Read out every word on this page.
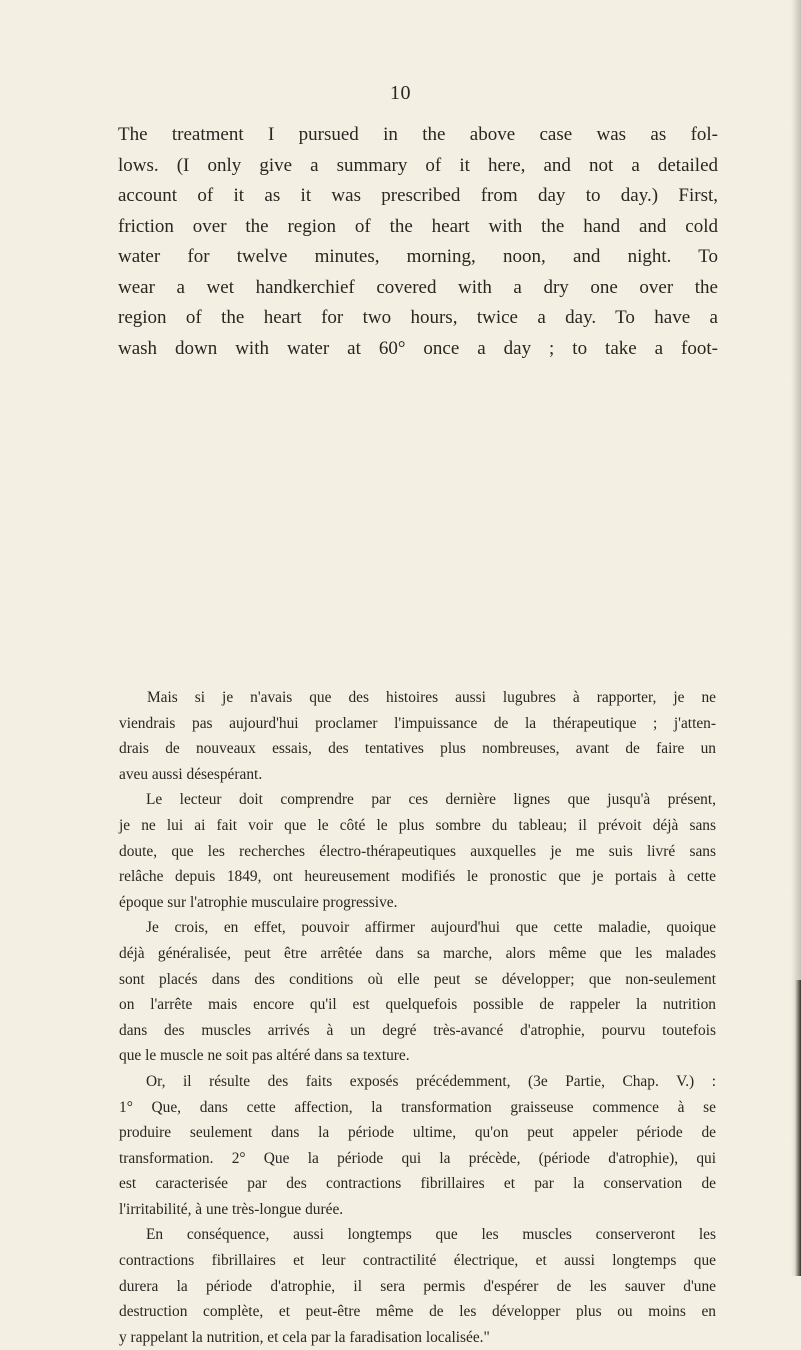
10
The treatment I pursued in the above case was as fol-
lows. (I only give a summary of it here, and not a detailed
account of it as it was prescribed from day to day.) First,
friction over the region of the heart with the hand and cold
water for twelve minutes, morning, noon, and night. To
wear a wet handkerchief covered with a dry one over the
region of the heart for two hours, twice a day. To have a
wash down with water at 60° once a day ; to take a foot-
Mais si je n'avais que des histoires aussi lugubres à rapporter, je ne
viendrais pas aujourd'hui proclamer l'impuissance de la thérapeutique ; j'atten-
drais de nouveaux essais, des tentatives plus nombreuses, avant de faire un
aveu aussi désespérant.
Le lecteur doit comprendre par ces dernière lignes que jusqu'à présent,
je ne lui ai fait voir que le côté le plus sombre du tableau; il prévoit déjà sans
doute, que les recherches électro-thérapeutiques auxquelles je me suis livré sans
relâche depuis 1849, ont heureusement modifiés le pronostic que je portais à cette
époque sur l'atrophie musculaire progressive.
Je crois, en effet, pouvoir affirmer aujourd'hui que cette maladie, quoique
déjà généralisée, peut être arrêtée dans sa marche, alors même que les malades
sont placés dans des conditions où elle peut se développer; que non-seulement
on l'arrête mais encore qu'il est quelquefois possible de rappeler la nutrition
dans des muscles arrivés à un degré très-avancé d'atrophie, pourvu toutefois
que le muscle ne soit pas altéré dans sa texture.
Or, il résulte des faits exposés précédemment, (3e Partie, Chap. V.) :
1° Que, dans cette affection, la transformation graisseuse commence à se
produire seulement dans la période ultime, qu'on peut appeler période de
transformation. 2° Que la période qui la précède, (période d'atrophie), qui
est caracterisée par des contractions fibrillaires et par la conservation de
l'irritabilité, à une très-longue durée.
En conséquence, aussi longtemps que les muscles conserveront les
contractions fibrillaires et leur contractilité électrique, et aussi longtemps que
durera la période d'atrophie, il sera permis d'espérer de les sauver d'une
destruction complète, et peut-être même de les développer plus ou moins en
y rappelant la nutrition, et cela par la faradisation localisée."
